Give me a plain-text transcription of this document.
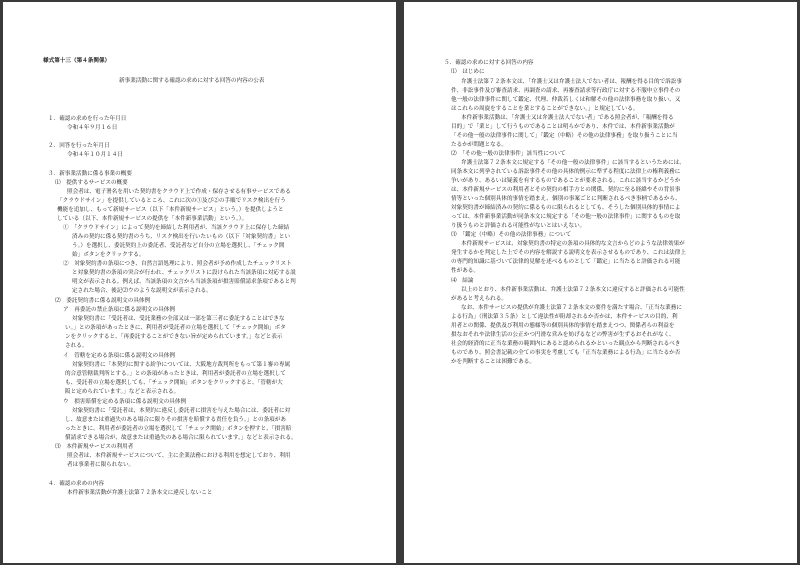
様式第十三（第４条関係）
新事業活動に関する確認の求めに対する回答の内容の公表
１．確認の求めを行った年月日
令和４年９月１６日
２．回答を行った年月日
令和４年１０月１４日
３．新事業活動に係る事業の概要
⑴　提供するサービスの概要
照会者は、電子署名を用いた契約書をクラウド上で作成・保存させる有事サービスである
「クラウドサイン」を提供しているところ、これに次の①及び②の手順でリスク検出を行う
機能を追加し、もって新規サービス（以下「本件新規サービス」という。）を提供しようと
している（以下、本件新規サービスの提供を「本件新事業活動」という。）。
①　「クラウドサイン」によって契約を締結した利用者が、当該クラウド上に保存した締結
済みの契約に係る契約書のうち、リスク検出を行いたいもの（以下「対象契約書」とい
う。）を選択し、委託契約上の委託者、受託者など自分の立場を選択し、「チェック開
始」ボタンをクリックする。
②　対象契約書の条項につき、自然言語処理により、照会者が予め作成したチェックリスト
と対象契約書の条項の突合が行われ、チェックリストに設けられた当該条項に対応する説
明文が表示される。例えば、当該条項の文言から当該条項が損害賠償請求条項であると判
定された場合、後記⑵ウのような説明文が表示される。
⑵　委託契約書に係る説明文の具体例
ア　再委託の禁止条項に係る説明文の具体例
対象契約書に「受託者は、受託業務の全部又は一部を第三者に委託することはできな
い。」との条項があったときに、利用者が受託者の立場を選択して「チェック開始」ボタ
ンをクリックすると、「再委託することができない旨が定められています。」などと表示
される。
イ　管轄を定める条項に係る説明文の具体例
対象契約書に「本契約に関する紛争については、大阪地方裁判所をもって第１審の専属
的合意管轄裁判所とする。」との条項があったときは、利用者が委託者の立場を選択して
も、受託者の立場を選択しても、「チェック開始」ボタンをクリックすると、「管轄が大
阪と定められています。」などと表示される。
ウ　損害賠償を定める条項に係る説明文の具体例
対象契約書に「受託者は、本契約に違反し委託者に損害を与えた場合には、委託者に対
し、故意または重過失のある場合に限りその損害を賠償する責任を負う。」との条項があ
ったときに、利用者が委託者の立場を選択して「チェック開始」ボタンを押すと、「損害賠
償請求できる場合が、故意または重過失のある場合に限られています。」などと表示される。
⑶　本件新規サービスの利用者
照会者は、本件新規サービスについて、主に企業法務における利用を想定しており、利用
者は事業者に限られない。
４．確認の求めの内容
本件新事業活動が弁護士法第７２条本文に違反しないこと
５．確認の求めに対する回答の内容
⑴　はじめに
弁護士法第７２条本文は、「弁護士又は弁護士法人でない者は、報酬を得る目的で訴訟事
件、非訟事件及び審査請求、再調査の請求、再審査請求等行政庁に対する不服申立事件その
他一般の法律事件に関して鑑定、代理、仲裁若しくは和解その他の法律事務を取り扱い、又
はこれらの周旋をすることを業とすることができない。」と規定している。
本件新事業活動は、「弁護士又は弁護士法人でない者」である照会者が、「報酬を得る
目的」で「業と」して行うものであることは明らかであり、本件では、本件新事業活動が
「その他一般の法律事件に関して」「鑑定（中略）その他の法律事務」を取り扱うことに当
たるかが問題となる。
⑵　「その他一般の法律事件」該当性について
弁護士法第７２条本文に規定する「その他一般の法律事件」に該当するというためには、
同条本文に列挙されている訴訟事件その他の具体的例示に準ずる程度に法律上の権利義務に
争いがあり、あるいは疑義を有するものであることが要求される。これに該当するかどうか
は、本件新規サービスの利用者とその契約の相手方との関係、契約に至る経緯やその背景事
情等といった個別具体的事情を踏まえ、個別の事案ごとに判断されるべき事柄であるから、
対象契約書が締結済みの契約に係るものに限られるとしても、そうした個別具体的事情によ
っては、本件新事業活動が同条本文に規定する「その他一般の法律事件」に関するものを取
り扱うものと評価される可能性がないとはいえない。
⑶　「鑑定（中略）その他の法律事務」について
本件新規サービスは、対象契約書の特定の条項の具体的な文言からどのような法律効果が
発生するかを判定した上でその内容を解説する説明文を表示させるものであり、これは法律上
の専門的知識に基づいて法律的見解を述べるものとして「鑑定」に当たると評価される可能
性がある。
⑷　結論
以上のとおり、本件新事業活動は、弁護士法第７２条本文に違反すると評価される可能性
があると考えられる。
なお、本件サービスの提供が弁護士法第７２条本文の要件を満たす場合、「正当な業務に
よる行為」（刑法第３５条）として違法性が阻却されるか否かは、本件サービスの目的、利
用者との関係、提供及び利用の態様等の個別具体的事情を踏まえつつ、関係者らの利益を
損なおそれや法律生活の公正かつ円滑な営みを妨げるなどの弊害が生ずるおそれがなく、
社会的経済的に正当な業務の範囲内にあると認められるかといった観点から判断されるべき
ものであり、照会書記載の全ての事実を考慮しても「正当な業務による行為」に当たるか否
かを判断することは困難である。
